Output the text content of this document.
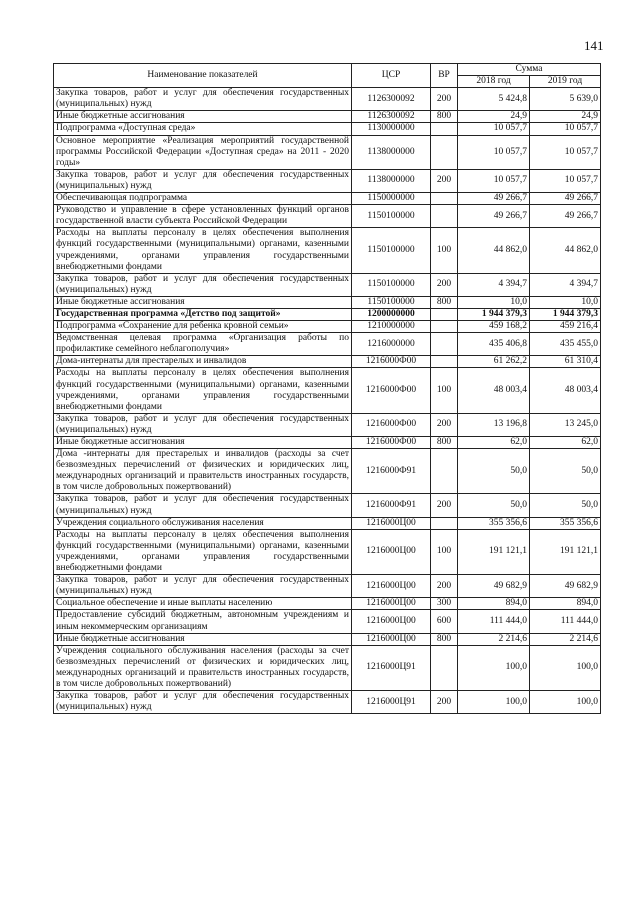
141
Наименование показателей	ЦСР	ВР	Сумма	
			2018 год	2019 год
Закупка товаров, работ и услуг для обеспечения государственных (муниципальных) нужд	1126300092	200	5 424,8	5 639,0
Иные бюджетные ассигнования	1126300092	800	24,9	24,9
Подпрограмма «Доступная среда»	1130000000		10 057,7	10 057,7
Основное мероприятие «Реализация мероприятий государственной программы Российской Федерации «Доступная среда» на 2011 - 2020 годы»	1138000000		10 057,7	10 057,7
Закупка товаров, работ и услуг для обеспечения государственных (муниципальных) нужд	1138000000	200	10 057,7	10 057,7
Обеспечивающая подпрограмма	1150000000		49 266,7	49 266,7
Руководство и управление в сфере установленных функций органов государственной власти субъекта Российской Федерации	1150100000		49 266,7	49 266,7
Расходы на выплаты персоналу в целях обеспечения выполнения функций государственными (муниципальными) органами, казенными учреждениями, органами управления государственными внебюджетными фондами	1150100000	100	44 862,0	44 862,0
Закупка товаров, работ и услуг для обеспечения государственных (муниципальных) нужд	1150100000	200	4 394,7	4 394,7
Иные бюджетные ассигнования	1150100000	800	10,0	10,0
Государственная программа «Детство под защитой»	1200000000		1 944 379,3	1 944 379,3
Подпрограмма «Сохранение для ребенка кровной семьи»	1210000000		459 168,2	459 216,4
Ведомственная целевая программа «Организация работы по профилактике семейного неблагополучия»	1216000000		435 406,8	435 455,0
Дома-интернаты для престарелых и инвалидов	1216000Ф00		61 262,2	61 310,4
Расходы на выплаты персоналу в целях обеспечения выполнения функций государственными (муниципальными) органами, казенными учреждениями, органами управления государственными внебюджетными фондами	1216000Ф00	100	48 003,4	48 003,4
Закупка товаров, работ и услуг для обеспечения государственных (муниципальных) нужд	1216000Ф00	200	13 196,8	13 245,0
Иные бюджетные ассигнования	1216000Ф00	800	62,0	62,0
Дома -интернаты для престарелых и инвалидов (расходы за счет безвозмездных перечислений от физических и юридических лиц, международных организаций и правительств иностранных государств, в том числе добровольных пожертвований)	1216000Ф91		50,0	50,0
Закупка товаров, работ и услуг для обеспечения государственных (муниципальных) нужд	1216000Ф91	200	50,0	50,0
Учреждения социального обслуживания населения	1216000Ц00		355 356,6	355 356,6
Расходы на выплаты персоналу в целях обеспечения выполнения функций государственными (муниципальными) органами, казенными учреждениями, органами управления государственными внебюджетными фондами	1216000Ц00	100	191 121,1	191 121,1
Закупка товаров, работ и услуг для обеспечения государственных (муниципальных) нужд	1216000Ц00	200	49 682,9	49 682,9
Социальное обеспечение и иные выплаты населению	1216000Ц00	300	894,0	894,0
Предоставление субсидий бюджетным, автономным учреждениям и иным некоммерческим организациям	1216000Ц00	600	111 444,0	111 444,0
Иные бюджетные ассигнования	1216000Ц00	800	2 214,6	2 214,6
Учреждения социального обслуживания населения (расходы за счет безвозмездных перечислений от физических и юридических лиц, международных организаций и правительств иностранных государств, в том числе добровольных пожертвований)	1216000Ц91		100,0	100,0
Закупка товаров, работ и услуг для обеспечения государственных (муниципальных) нужд	1216000Ц91	200	100,0	100,0
